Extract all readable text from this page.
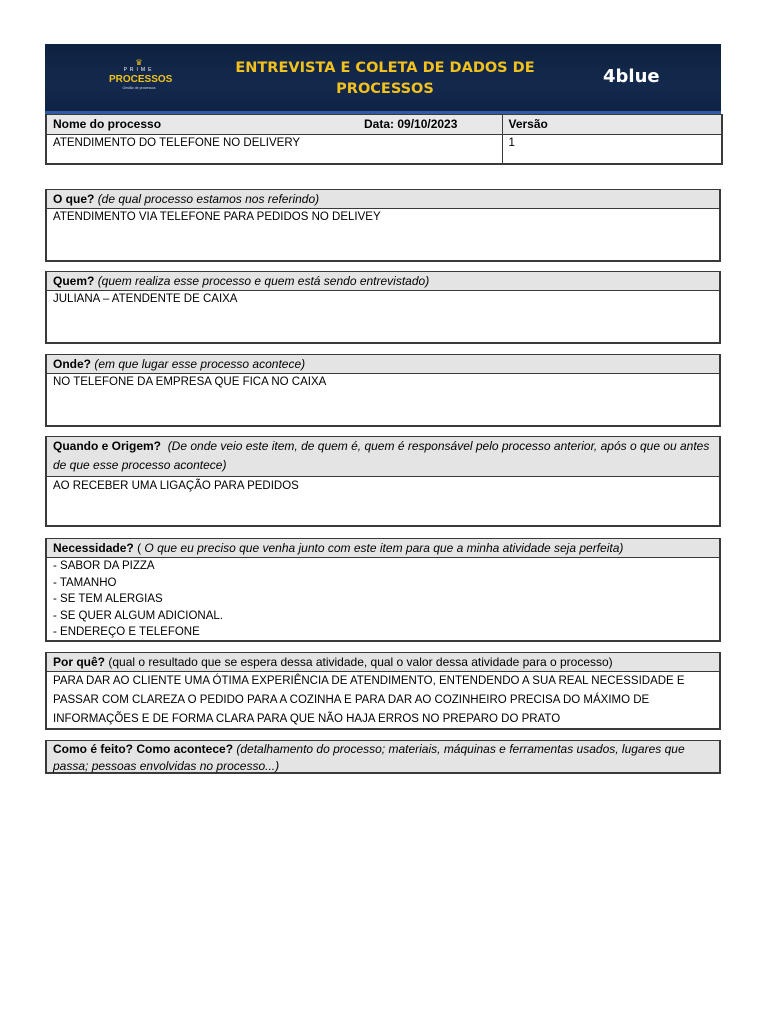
♛
PRIME
PROCESSOS
Gestão de processos
ENTREVISTA E COLETA DE DADOS DE
PROCESSOS
4blue
Nome do processo	Data: 09/10/2023	Versão
ATENDIMENTO DO TELEFONE NO DELIVERY		1
O que? (de qual processo estamos nos referindo)
ATENDIMENTO VIA TELEFONE PARA PEDIDOS NO DELIVEY
Quem? (quem realiza esse processo e quem está sendo entrevistado)
JULIANA – ATENDENTE DE CAIXA
Onde? (em que lugar esse processo acontece)
NO TELEFONE DA EMPRESA QUE FICA NO CAIXA
Quando e Origem? (De onde veio este item, de quem é, quem é responsável pelo processo anterior, após o que ou antes de que esse processo acontece)
AO RECEBER UMA LIGAÇÃO PARA PEDIDOS
Necessidade? ( O que eu preciso que venha junto com este item para que a minha atividade seja perfeita)
- SABOR DA PIZZA
- TAMANHO
- SE TEM ALERGIAS
- SE QUER ALGUM ADICIONAL.
- ENDEREÇO E TELEFONE
Por quê? (qual o resultado que se espera dessa atividade, qual o valor dessa atividade para o processo)
PARA DAR AO CLIENTE UMA ÓTIMA EXPERIÊNCIA DE ATENDIMENTO, ENTENDENDO A SUA REAL NECESSIDADE E PASSAR COM CLAREZA O PEDIDO PARA A COZINHA E PARA DAR AO COZINHEIRO PRECISA DO MÁXIMO DE INFORMAÇÕES E DE FORMA CLARA PARA QUE NÃO HAJA ERROS NO PREPARO DO PRATO
Como é feito? Como acontece? (detalhamento do processo; materiais, máquinas e ferramentas usados, lugares que passa; pessoas envolvidas no processo...)
